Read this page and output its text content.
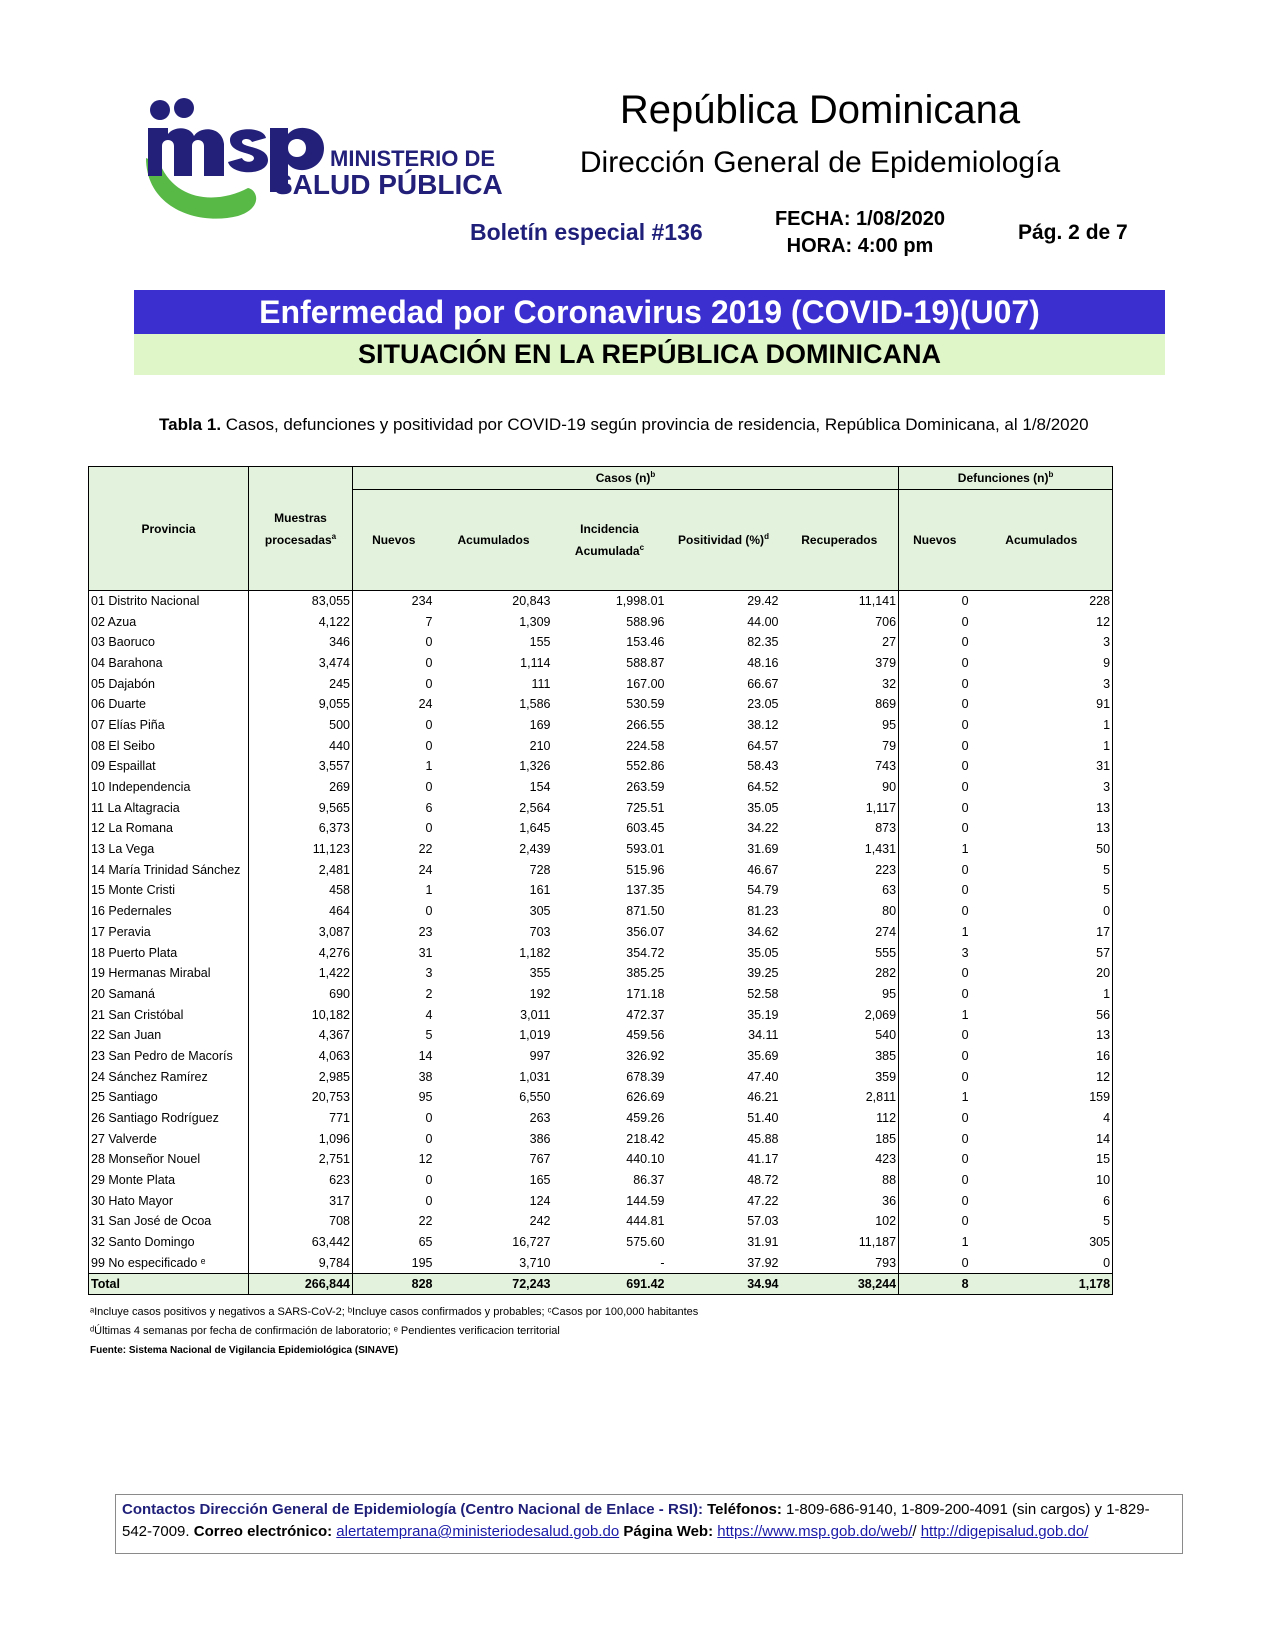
MINISTERIO DE
SALUD PÚBLICA
República Dominicana
Dirección General de Epidemiología
Boletín especial #136	FECHA: 1/08/2020
HORA: 4:00 pm
Pág. 2 de 7
Enfermedad por Coronavirus 2019 (COVID-19)(U07)
SITUACIÓN EN LA REPÚBLICA DOMINICANA
Tabla 1. Casos, defunciones y positividad por COVID-19 según provincia de residencia, República Dominicana, al 1/8/2020
Provincia	Muestras procesadas$^a$	Casos $(n)^b$					Defunciones $(n)^b$
		Nuevos	Acumulados	Incidencia Acumulada$^c$	Positividad (%)$^d$	Recuperados	Nuevos	Acumulados
01 Distrito Nacional	83,055	234	20,843	1,998.01	29.42	11,141	0	228
02 Azua	4,122	7	1,309	588.96	44.00	706	0	12
03 Baoruco	346	0	155	153.46	82.35	27	0	3
04 Barahona	3,474	0	1,114	588.87	48.16	379	0	9
05 Dajabón	245	0	111	167.00	66.67	32	0	3
06 Duarte	9,055	24	1,586	530.59	23.05	869	0	91
07 Elías Piña	500	0	169	266.55	38.12	95	0	1
08 El Seibo	440	0	210	224.58	64.57	79	0	1
09 Espaillat	3,557	1	1,326	552.86	58.43	743	0	31
10 Independencia	269	0	154	263.59	64.52	90	0	3
11 La Altagracia	9,565	6	2,564	725.51	35.05	1,117	0	13
12 La Romana	6,373	0	1,645	603.45	34.22	873	0	13
13 La Vega	11,123	22	2,439	593.01	31.69	1,431	1	50
14 María Trinidad Sánchez	2,481	24	728	515.96	46.67	223	0	5
15 Monte Cristi	458	1	161	137.35	54.79	63	0	5
16 Pedernales	464	0	305	871.50	81.23	80	0	0
17 Peravia	3,087	23	703	356.07	34.62	274	1	17
18 Puerto Plata	4,276	31	1,182	354.72	35.05	555	3	57
19 Hermanas Mirabal	1,422	3	355	385.25	39.25	282	0	20
20 Samaná	690	2	192	171.18	52.58	95	0	1
21 San Cristóbal	10,182	4	3,011	472.37	35.19	2,069	1	56
22 San Juan	4,367	5	1,019	459.56	34.11	540	0	13
23 San Pedro de Macorís	4,063	14	997	326.92	35.69	385	0	16
24 Sánchez Ramírez	2,985	38	1,031	678.39	47.40	359	0	12
25 Santiago	20,753	95	6,550	626.69	46.21	2,811	1	159
26 Santiago Rodríguez	771	0	263	459.26	51.40	112	0	4
27 Valverde	1,096	0	386	218.42	45.88	185	0	14
28 Monseñor Nouel	2,751	12	767	440.10	41.17	423	0	15
29 Monte Plata	623	0	165	86.37	48.72	88	0	10
30 Hato Mayor	317	0	124	144.59	47.22	36	0	6
31 San José de Ocoa	708	22	242	444.81	57.03	102	0	5
32 Santo Domingo	63,442	65	16,727	575.60	31.91	11,187	1	305
99 No especificado ᵉ	9,784	195	3,710	-	37.92	793	0	0
Total	266,844	828	72,243	691.42	34.94	38,244	8	1,178
ᵃIncluye casos positivos y negativos a SARS-CoV-2; ᵇIncluye casos confirmados y probables; ᶜCasos por 100,000 habitantes
ᵈÚltimas 4 semanas por fecha de confirmación de laboratorio; ᵉ Pendientes verificacion territorial
Fuente: Sistema Nacional de Vigilancia Epidemiológica (SINAVE)
Contactos Dirección General de Epidemiología (Centro Nacional de Enlace - RSI): Teléfonos: 1-809-686-9140, 1-809-200-4091 (sin cargos) y 1-829-542-7009. Correo electrónico: alertatemprana@ministeriodesalud.gob.do Página Web: https://www.msp.gob.do/web// http://digepisalud.gob.do/
